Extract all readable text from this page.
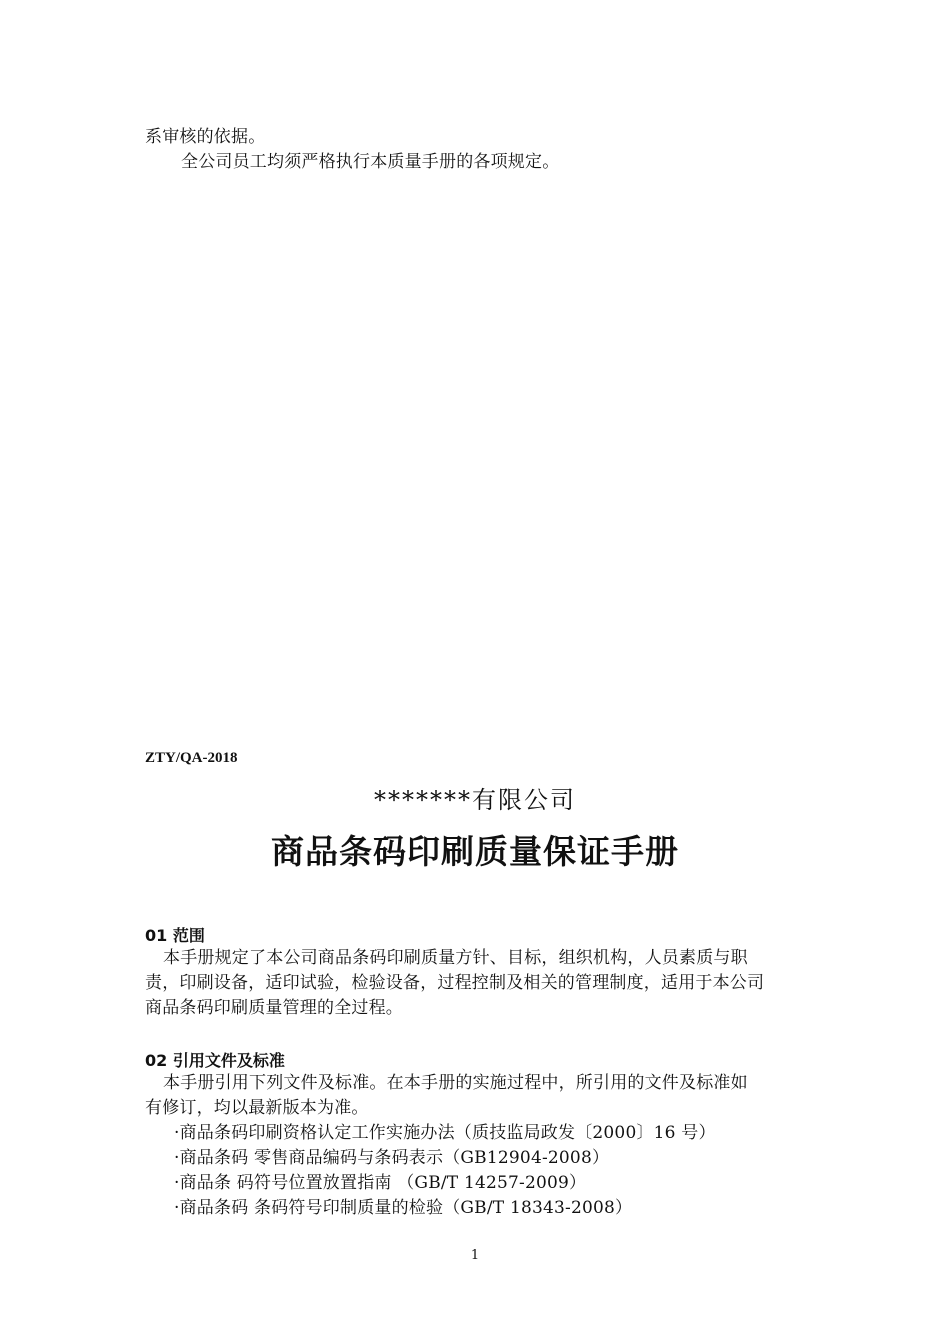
系审核的依据。
全公司员工均须严格执行本质量手册的各项规定。
ZTY/QA-2018
*******有限公司
商品条码印刷质量保证手册
01 范围
本手册规定了本公司商品条码印刷质量方针、目标，组织机构，人员素质与职
责，印刷设备，适印试验，检验设备，过程控制及相关的管理制度，适用于本公司
商品条码印刷质量管理的全过程。
02 引用文件及标准
本手册引用下列文件及标准。在本手册的实施过程中，所引用的文件及标准如
有修订，均以最新版本为准。
·商品条码印刷资格认定工作实施办法（质技监局政发〔2000〕16 号）
·商品条码 零售商品编码与条码表示（GB12904-2008）
·商品条 码符号位置放置指南 （GB/T 14257-2009）
·商品条码 条码符号印制质量的检验（GB/T 18343-2008）
1
